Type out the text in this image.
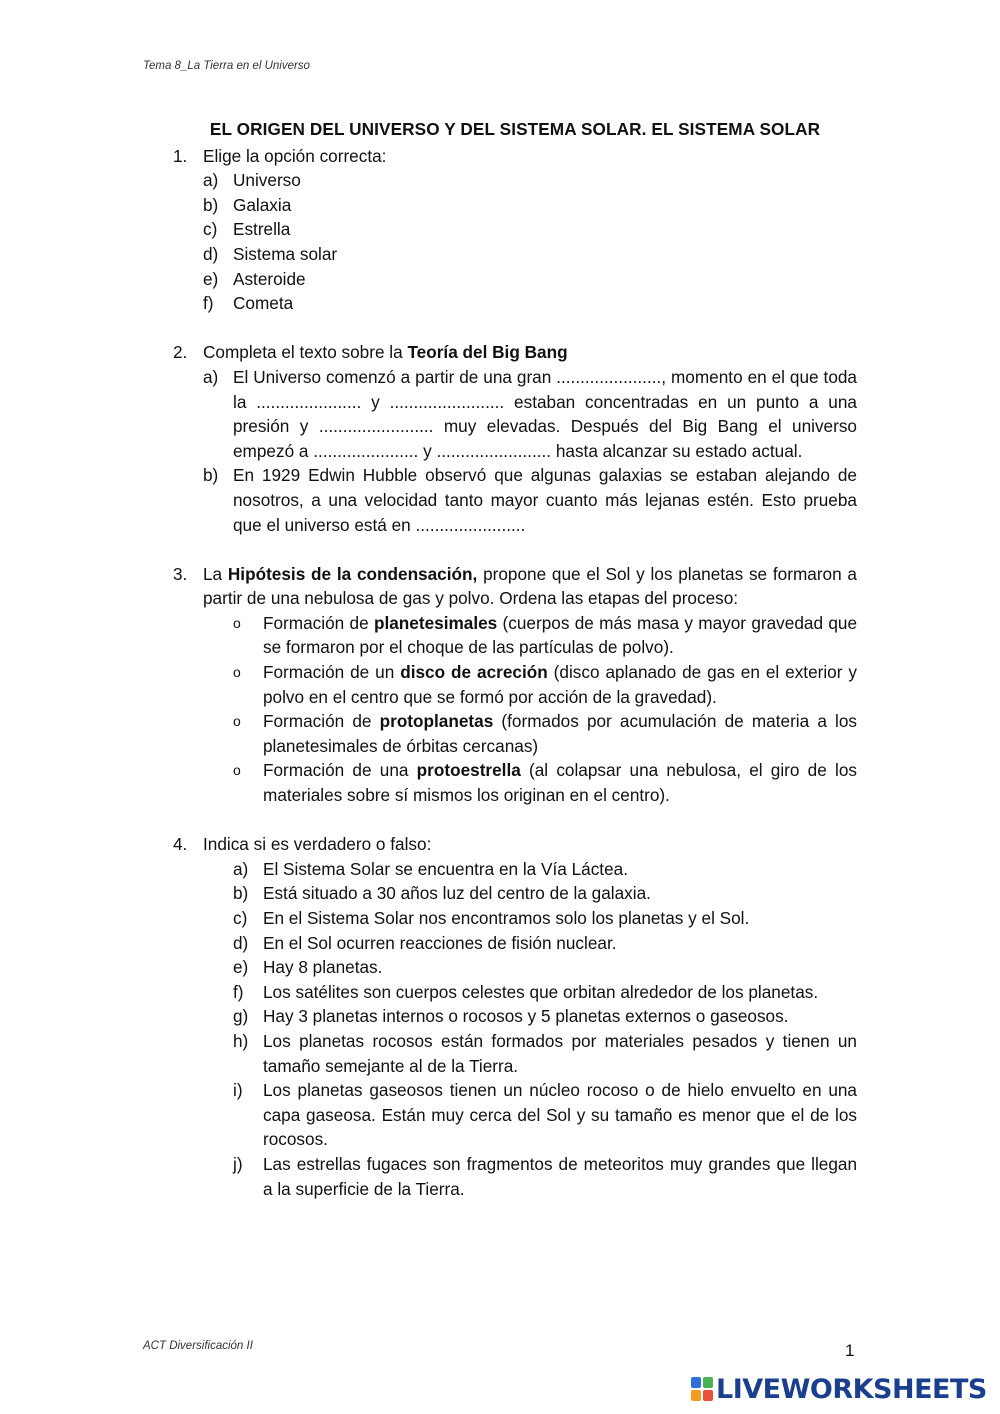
Tema 8_La Tierra en el Universo
EL ORIGEN DEL UNIVERSO Y DEL SISTEMA SOLAR. EL SISTEMA SOLAR
1. Elige la opción correcta:
a) Universo
b) Galaxia
c) Estrella
d) Sistema solar
e) Asteroide
f) Cometa
2. Completa el texto sobre la Teoría del Big Bang
a) El Universo comenzó a partir de una gran ......................, momento en el que toda la ...................... y ........................ estaban concentradas en un punto a una presión y ........................ muy elevadas. Después del Big Bang el universo empezó a ...................... y ........................ hasta alcanzar su estado actual.
b) En 1929 Edwin Hubble observó que algunas galaxias se estaban alejando de nosotros, a una velocidad tanto mayor cuanto más lejanas estén. Esto prueba que el universo está en .......................
3. La Hipótesis de la condensación, propone que el Sol y los planetas se formaron a partir de una nebulosa de gas y polvo. Ordena las etapas del proceso:
o Formación de planetesimales (cuerpos de más masa y mayor gravedad que se formaron por el choque de las partículas de polvo).
o Formación de un disco de acreción (disco aplanado de gas en el exterior y polvo en el centro que se formó por acción de la gravedad).
o Formación de protoplanetas (formados por acumulación de materia a los planetesimales de órbitas cercanas)
o Formación de una protoestrella (al colapsar una nebulosa, el giro de los materiales sobre sí mismos los originan en el centro).
4. Indica si es verdadero o falso:
a) El Sistema Solar se encuentra en la Vía Láctea.
b) Está situado a 30 años luz del centro de la galaxia.
c) En el Sistema Solar nos encontramos solo los planetas y el Sol.
d) En el Sol ocurren reacciones de fisión nuclear.
e) Hay 8 planetas.
f) Los satélites son cuerpos celestes que orbitan alrededor de los planetas.
g) Hay 3 planetas internos o rocosos y 5 planetas externos o gaseosos.
h) Los planetas rocosos están formados por materiales pesados y tienen un tamaño semejante al de la Tierra.
i) Los planetas gaseosos tienen un núcleo rocoso o de hielo envuelto en una capa gaseosa. Están muy cerca del Sol y su tamaño es menor que el de los rocosos.
j) Las estrellas fugaces son fragmentos de meteoritos muy grandes que llegan a la superficie de la Tierra.
ACT Diversificación II	1
LIVEWORKSHEETS
